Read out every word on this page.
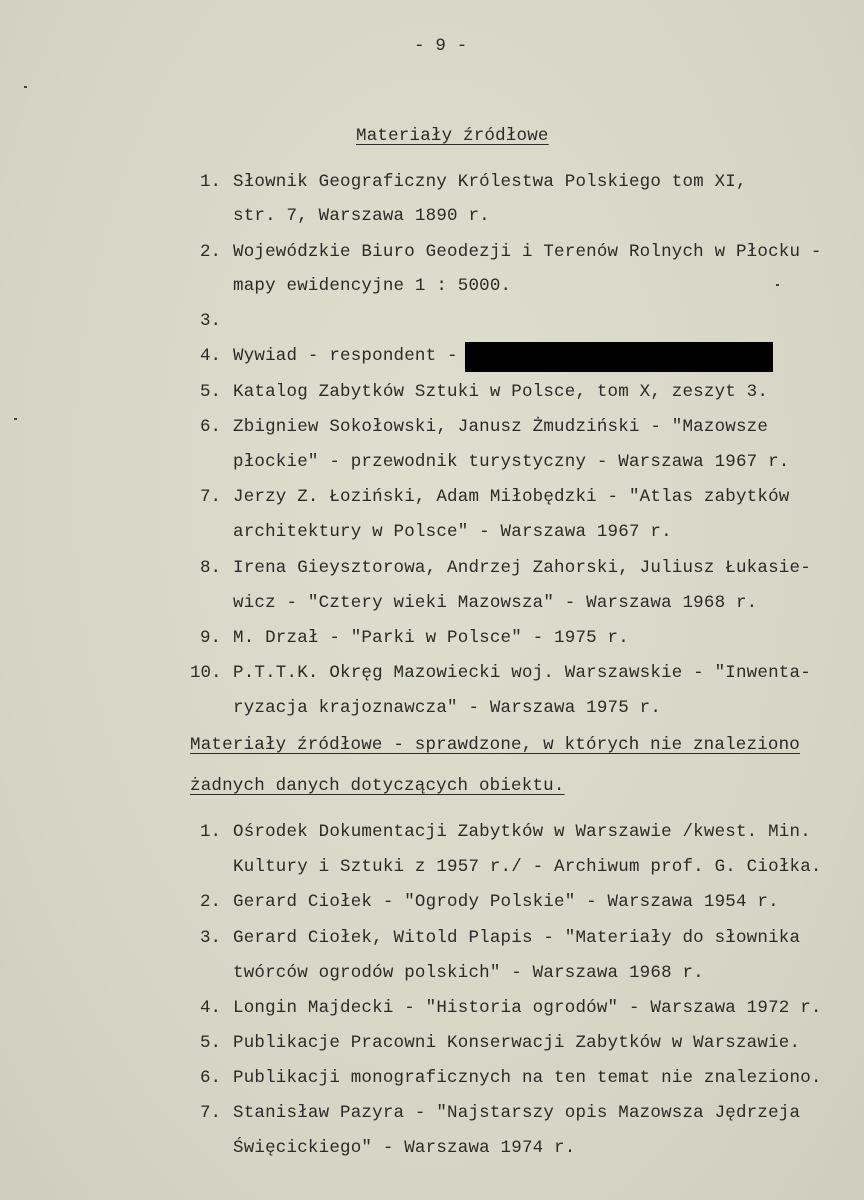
- 9 -
Materiały źródłowe
1. Słownik Geograficzny Królestwa Polskiego tom XI,
str. 7, Warszawa 1890 r.
2. Wojewódzkie Biuro Geodezji i Terenów Rolnych w Płocku -
mapy ewidencyjne 1 : 5000.
3.
4. Wywiad - respondent -
5. Katalog Zabytków Sztuki w Polsce, tom X, zeszyt 3.
6. Zbigniew Sokołowski, Janusz Żmudziński - "Mazowsze
płockie" - przewodnik turystyczny - Warszawa 1967 r.
7. Jerzy Z. Łoziński, Adam Miłobędzki - "Atlas zabytków
architektury w Polsce" - Warszawa 1967 r.
8. Irena Gieysztorowa, Andrzej Zahorski, Juliusz Łukasie-
wicz - "Cztery wieki Mazowsza" - Warszawa 1968 r.
9. M. Drzał - "Parki w Polsce" - 1975 r.
10. P.T.T.K. Okręg Mazowiecki woj. Warszawskie - "Inwenta-
ryzacja krajoznawcza" - Warszawa 1975 r.
Materiały źródłowe - sprawdzone, w których nie znaleziono
żadnych danych dotyczących obiektu.
1. Ośrodek Dokumentacji Zabytków w Warszawie /kwest. Min.
Kultury i Sztuki z 1957 r./ - Archiwum prof. G. Ciołka.
2. Gerard Ciołek - "Ogrody Polskie" - Warszawa 1954 r.
3. Gerard Ciołek, Witold Plapis - "Materiały do słownika
twórców ogrodów polskich" - Warszawa 1968 r.
4. Longin Majdecki - "Historia ogrodów" - Warszawa 1972 r.
5. Publikacje Pracowni Konserwacji Zabytków w Warszawie.
6. Publikacji monograficznych na ten temat nie znaleziono.
7. Stanisław Pazyra - "Najstarszy opis Mazowsza Jędrzeja
Święcickiego" - Warszawa 1974 r.
